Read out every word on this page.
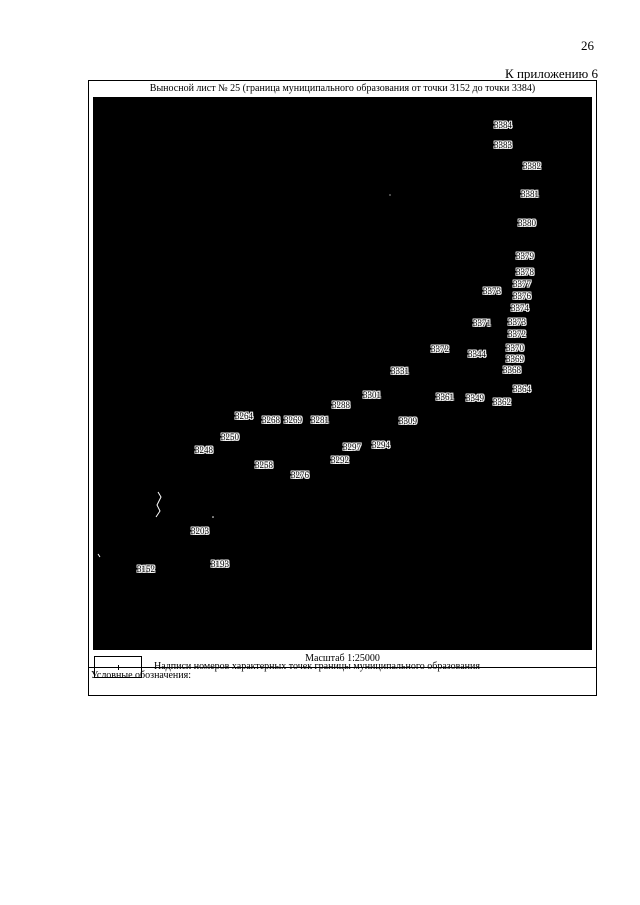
26
К приложению 6
Выносной лист № 25 (граница муниципального образования от точки 3152 до точки 3384)
3384
3383
3382
3381
3380
3379
3378
3377
3373 3376
3374
3371 3373
3372
3372 3344
3370
3369
3368
3331
3364
3301	3361 3349 3362
3288
3264 3268 3269 3281	3309
3250
3297 3294
3248
3292
3258
3276
3203
3193
3152
Масштаб 1:25000
Условные обозначения:
Граница муниципального образования
Характерная точка границы муниципального образования
Надписи номеров характерных точек границы муниципального образования
